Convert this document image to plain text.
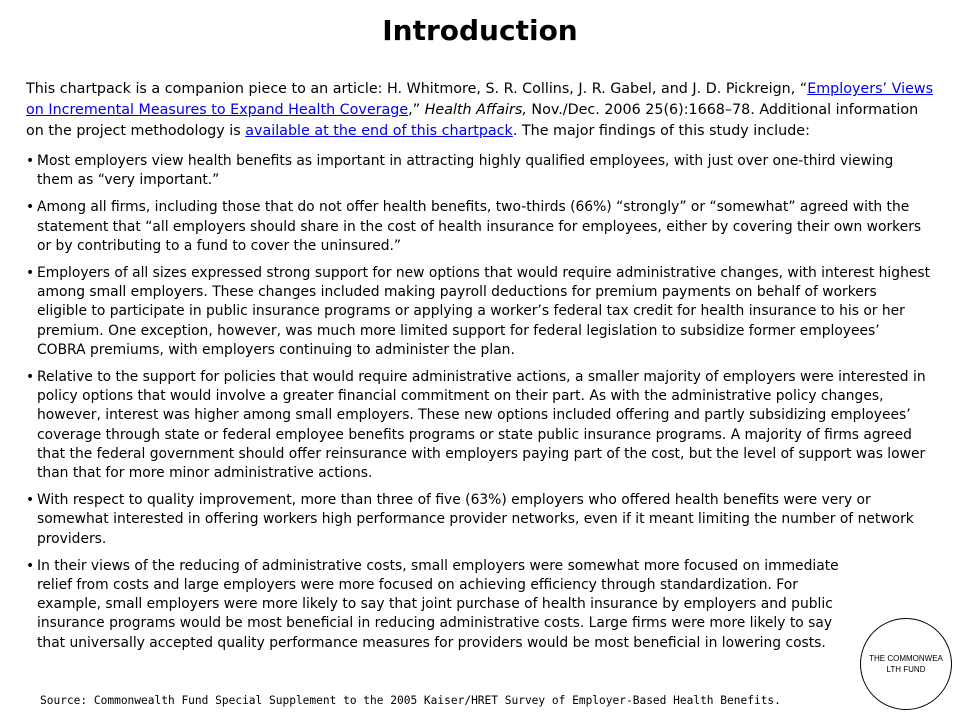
Introduction

This chartpack is a companion piece to an article: H. Whitmore, S. R. Collins, J. R. Gabel, and J. D. Pickreign, “Employers’ Views on Incremental Measures to Expand Health Coverage,” Health Affairs, Nov./Dec. 2006 25(6):1668–78. Additional information on the project methodology is available at the end of this chartpack. The major findings of this study include:

• Most employers view health benefits as important in attracting highly qualified employees, with just over one-third viewing them as “very important.”
• Among all firms, including those that do not offer health benefits, two-thirds (66%) “strongly” or “somewhat” agreed with the statement that “all employers should share in the cost of health insurance for employees, either by covering their own workers or by contributing to a fund to cover the uninsured.”
• Employers of all sizes expressed strong support for new options that would require administrative changes, with interest highest among small employers. These changes included making payroll deductions for premium payments on behalf of workers eligible to participate in public insurance programs or applying a worker’s federal tax credit for health insurance to his or her premium. One exception, however, was much more limited support for federal legislation to subsidize former employees’ COBRA premiums, with employers continuing to administer the plan.
• Relative to the support for policies that would require administrative actions, a smaller majority of employers were interested in policy options that would involve a greater financial commitment on their part. As with the administrative policy changes, however, interest was higher among small employers. These new options included offering and partly subsidizing employees’ coverage through state or federal employee benefits programs or state public insurance programs. A majority of firms agreed that the federal government should offer reinsurance with employers paying part of the cost, but the level of support was lower than that for more minor administrative actions.
• With respect to quality improvement, more than three of five (63%) employers who offered health benefits were very or somewhat interested in offering workers high performance provider networks, even if it meant limiting the number of network providers.
• In their views of the reducing of administrative costs, small employers were somewhat more focused on immediate relief from costs and large employers were more focused on achieving efficiency through standardization. For example, small employers were more likely to say that joint purchase of health insurance by employers and public insurance programs would be most beneficial in reducing administrative costs. Large firms were more likely to say that universally accepted quality performance measures for providers would be most beneficial in lowering costs.

Source: Commonwealth Fund Special Supplement to the 2005 Kaiser/HRET Survey of Employer-Based Health Benefits.

THE COMMONWEALTH FUND
